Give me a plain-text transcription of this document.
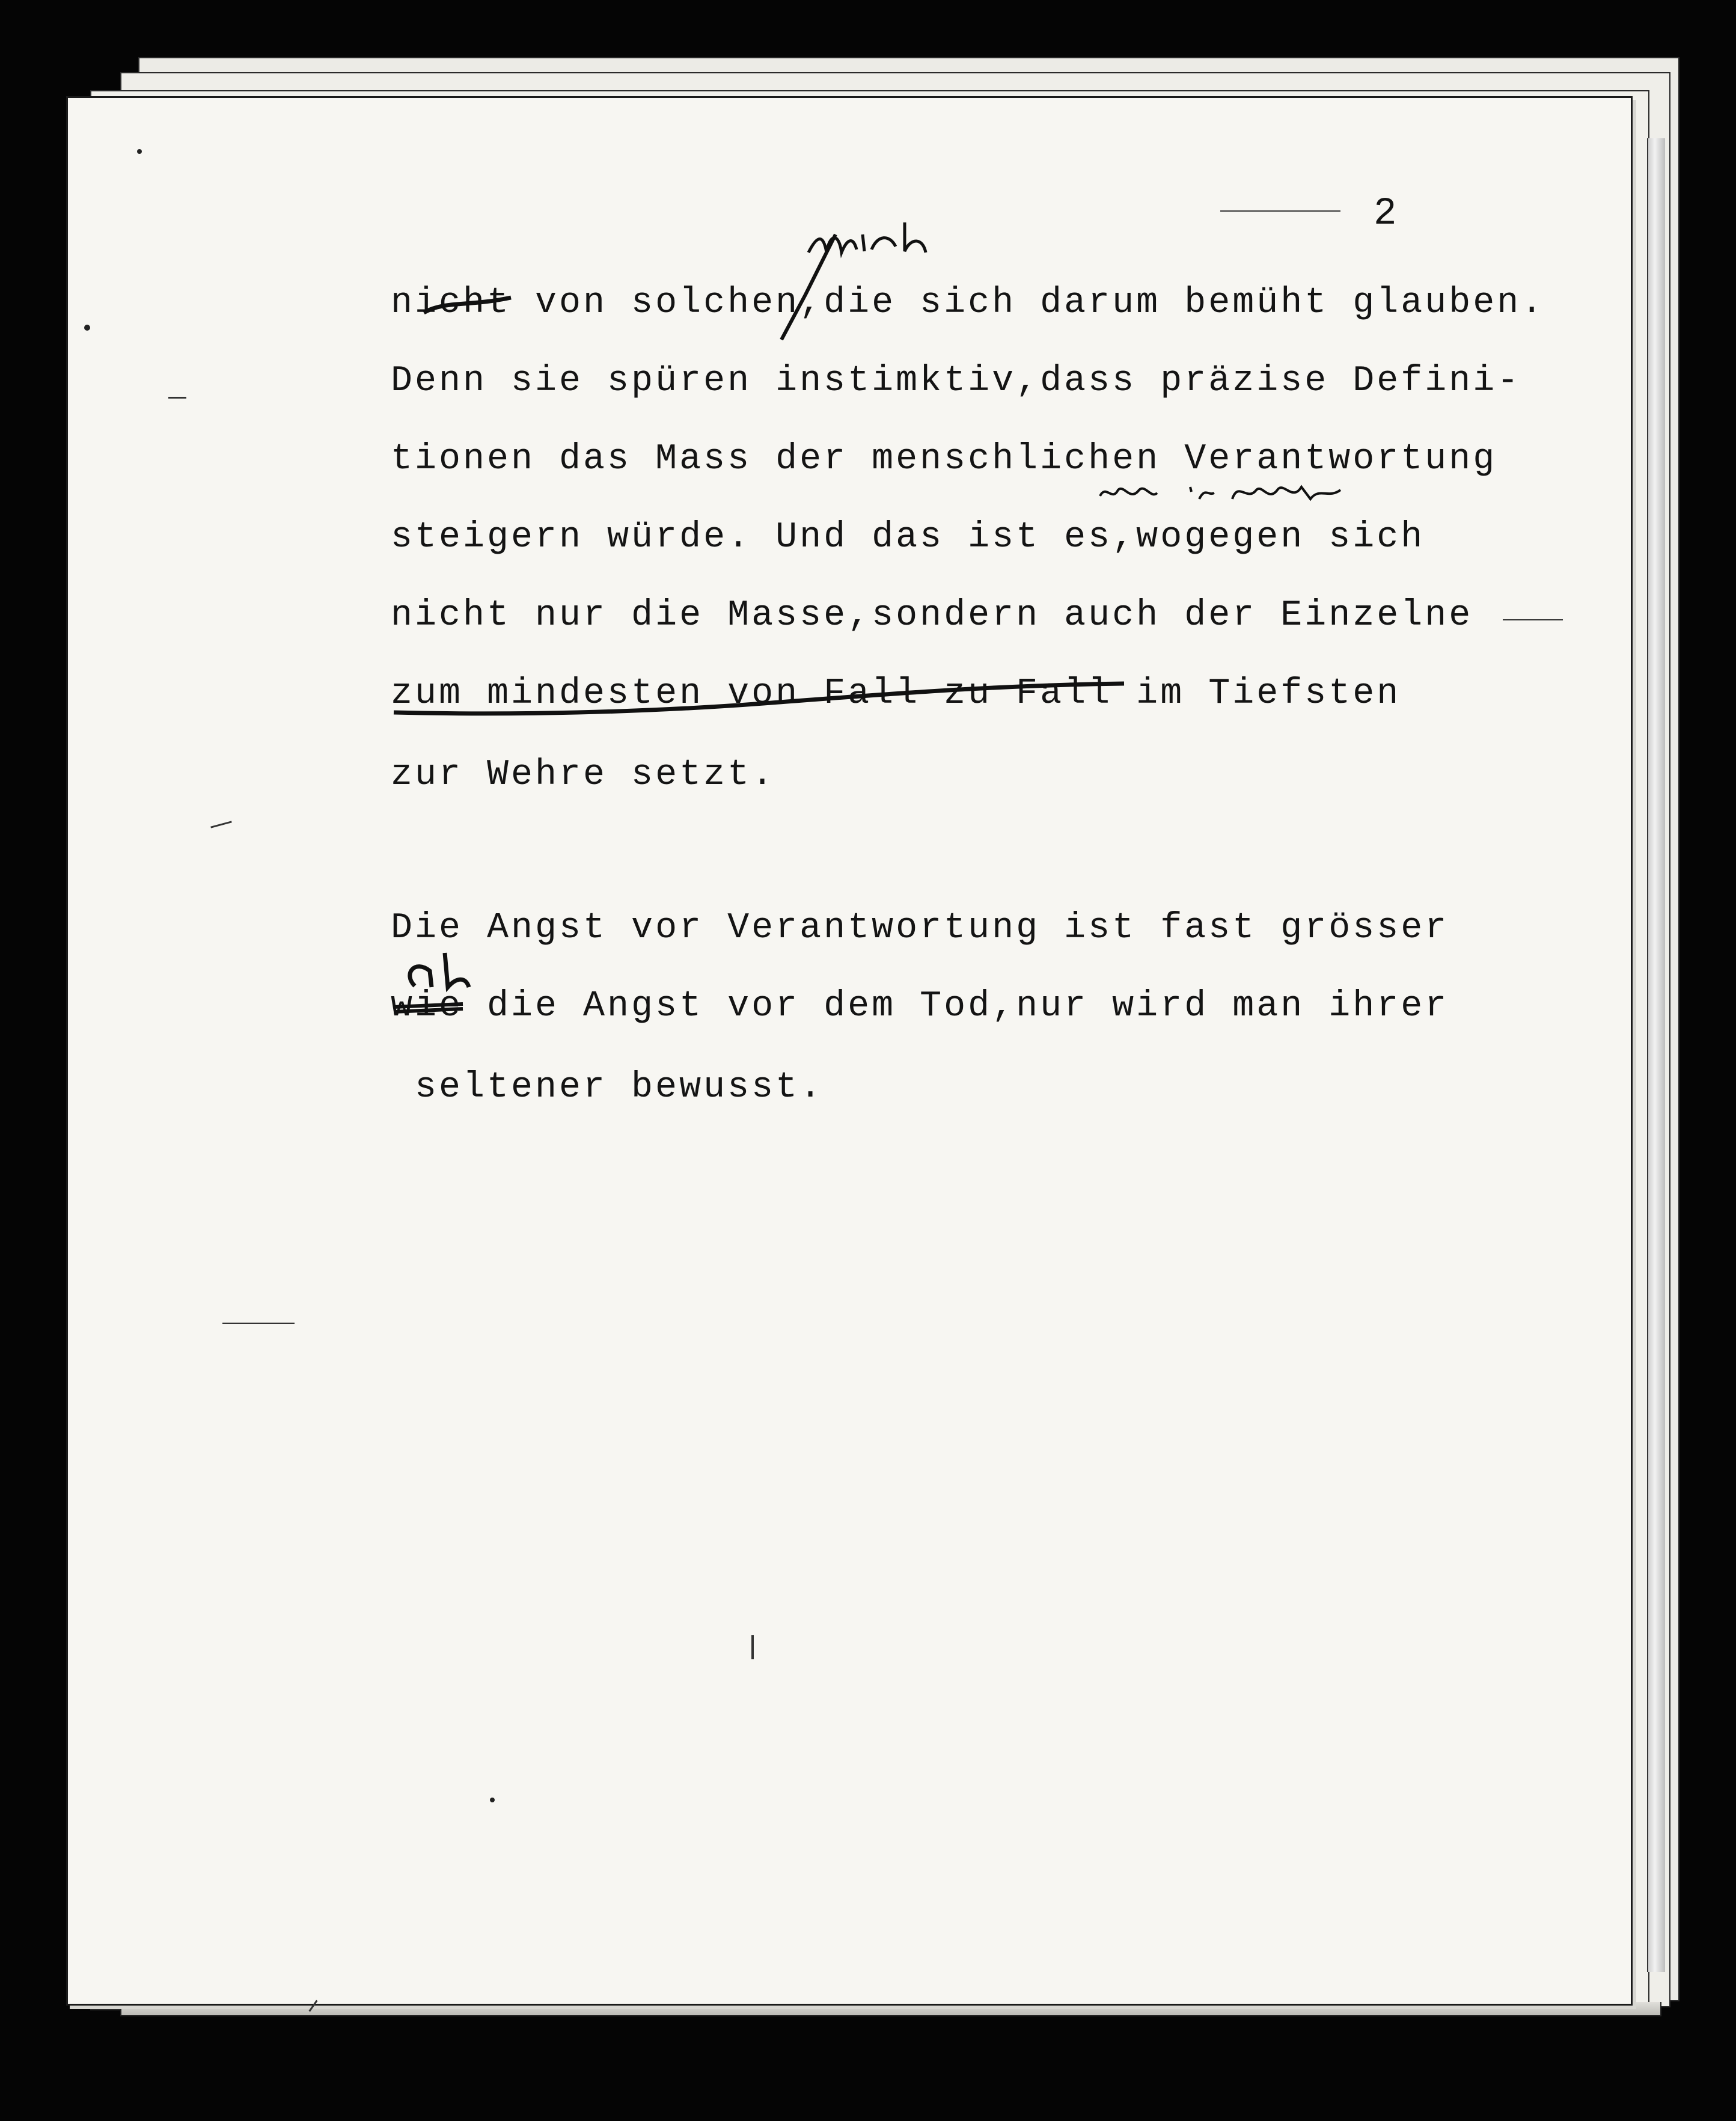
2

nicht von solchen,die sich darum bemüht glauben.

Denn sie spüren instimktiv,dass präzise Defini-

tionen das Mass der menschlichen Verantwortung

steigern würde. Und das ist es,wogegen sich

nicht nur die Masse,sondern auch der Einzelne

zum mindesten von Fall zu Fall im Tiefsten

zur Wehre setzt.

Die Angst vor Verantwortung ist fast grösser

wie die Angst vor dem Tod,nur wird man ihrer

seltener bewusst.
